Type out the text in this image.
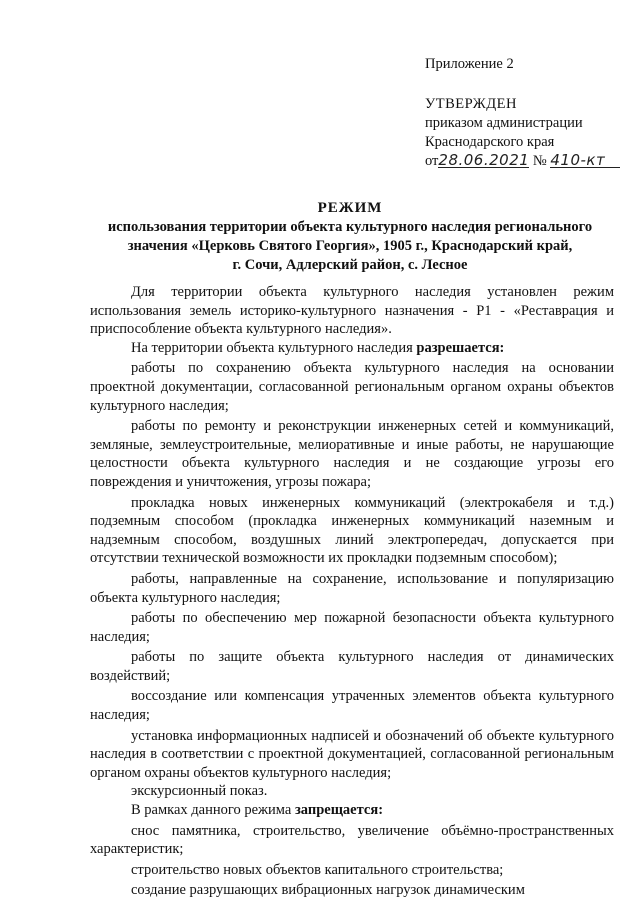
Приложение 2
УТВЕРЖДЕН
приказом администрации
Краснодарского края
от28.06.2021 № 410-кт
РЕЖИМ
использования территории объекта культурного наследия регионального
значения «Церковь Святого Георгия», 1905 г., Краснодарский край,
г. Сочи, Адлерский район, с. Лесное

Для территории объекта культурного наследия установлен режим использования земель историко-культурного назначения - Р1 - «Реставрация и приспособление объекта культурного наследия».

На территории объекта культурного наследия разрешается:

работы по сохранению объекта культурного наследия на основании проектной документации, согласованной региональным органом охраны объектов культурного наследия;

работы по ремонту и реконструкции инженерных сетей и коммуникаций, земляные, землеустроительные, мелиоративные и иные работы, не нарушающие целостности объекта культурного наследия и не создающие угрозы его повреждения и уничтожения, угрозы пожара;

прокладка новых инженерных коммуникаций (электрокабеля и т.д.) подземным способом (прокладка инженерных коммуникаций наземным и надземным способом, воздушных линий электропередач, допускается при отсутствии технической возможности их прокладки подземным способом);

работы, направленные на сохранение, использование и популяризацию объекта культурного наследия;

работы по обеспечению мер пожарной безопасности объекта культурного наследия;

работы по защите объекта культурного наследия от динамических воздействий;

воссоздание или компенсация утраченных элементов объекта культурного наследия;

установка информационных надписей и обозначений об объекте культурного наследия в соответствии с проектной документацией, согласованной региональным органом охраны объектов культурного наследия;

экскурсионный показ.

В рамках данного режима запрещается:

снос памятника, строительство, увеличение объёмно-пространственных характеристик;

строительство новых объектов капитального строительства;

создание разрушающих вибрационных нагрузок динамическим
